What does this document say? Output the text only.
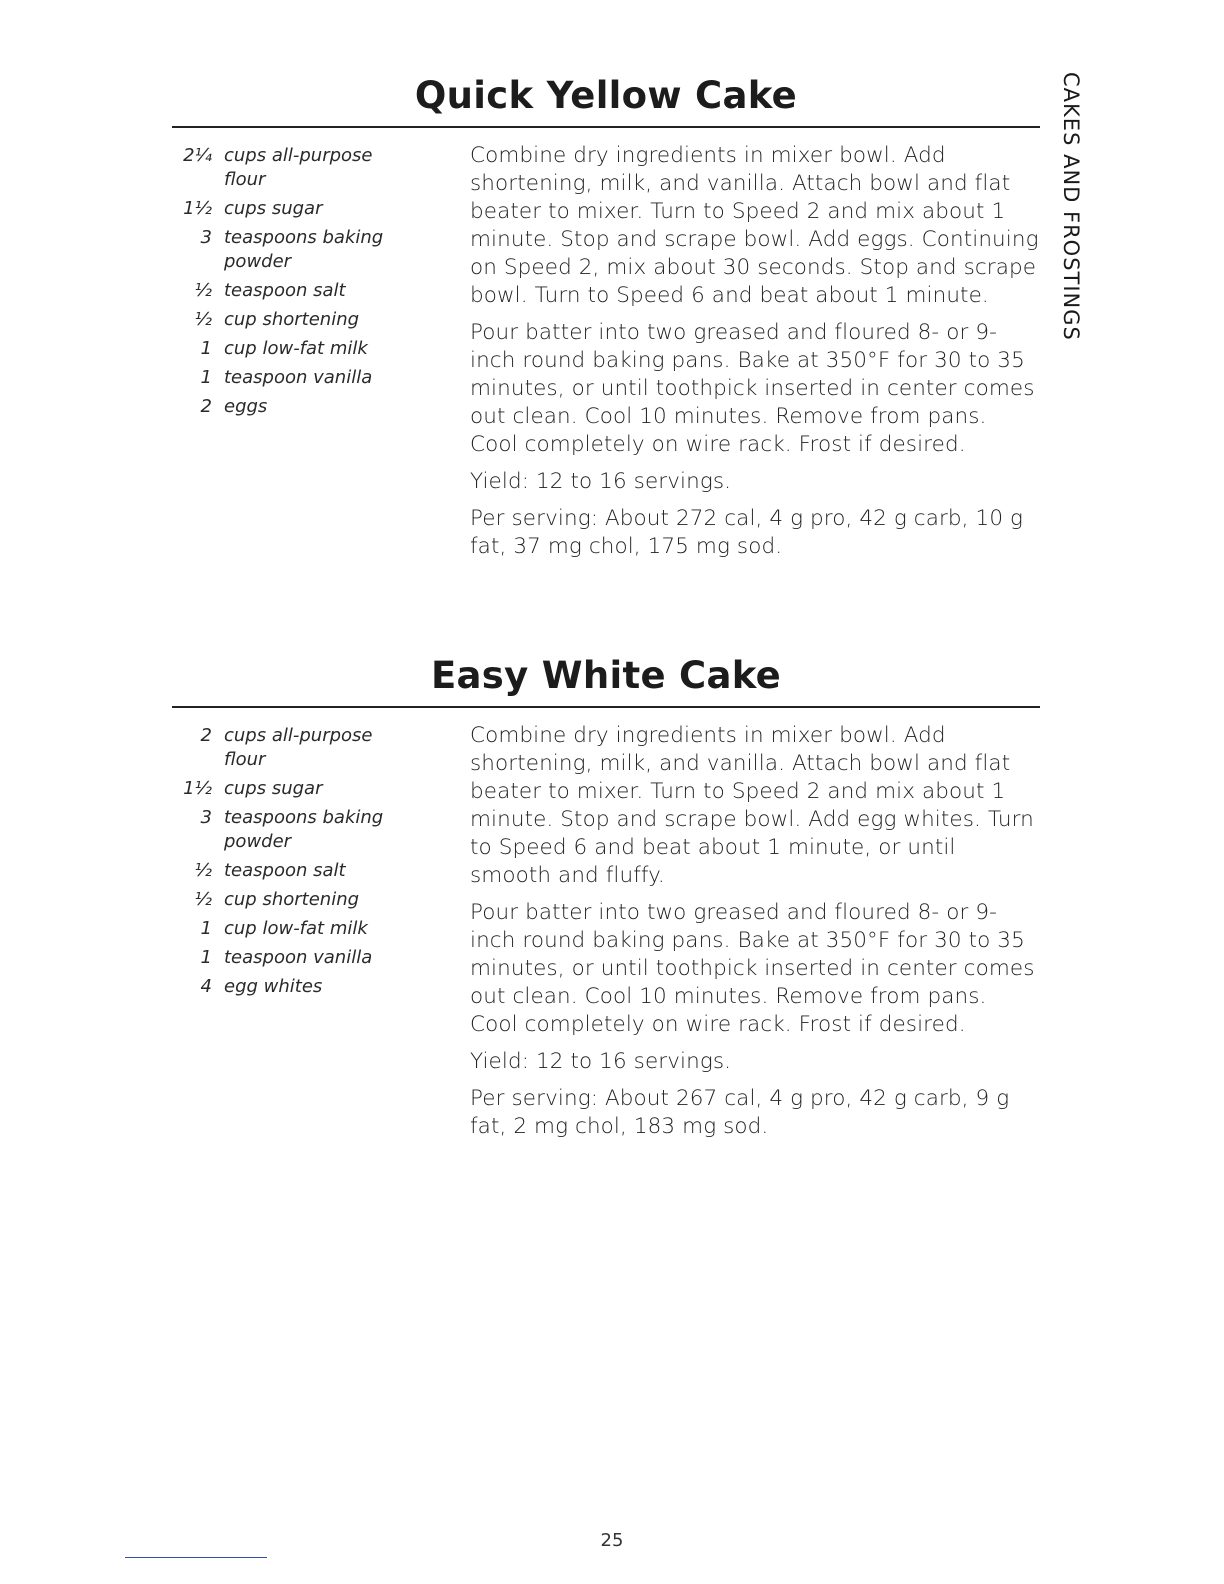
CAKES AND FROSTINGS
Quick Yellow Cake
2¼ cups all-purpose flour
1½ cups sugar
3 teaspoons baking powder
½ teaspoon salt
½ cup shortening
1 cup low-fat milk
1 teaspoon vanilla
2 eggs

Combine dry ingredients in mixer bowl. Add shortening, milk, and vanilla. Attach bowl and flat beater to mixer. Turn to Speed 2 and mix about 1 minute. Stop and scrape bowl. Add eggs. Continuing on Speed 2, mix about 30 seconds. Stop and scrape bowl. Turn to Speed 6 and beat about 1 minute.

Pour batter into two greased and floured 8- or 9-inch round baking pans. Bake at 350°F for 30 to 35 minutes, or until toothpick inserted in center comes out clean. Cool 10 minutes. Remove from pans. Cool completely on wire rack. Frost if desired.

Yield: 12 to 16 servings.

Per serving: About 272 cal, 4 g pro, 42 g carb, 10 g fat, 37 mg chol, 175 mg sod.

Easy White Cake
2 cups all-purpose flour
1½ cups sugar
3 teaspoons baking powder
½ teaspoon salt
½ cup shortening
1 cup low-fat milk
1 teaspoon vanilla
4 egg whites

Combine dry ingredients in mixer bowl. Add shortening, milk, and vanilla. Attach bowl and flat beater to mixer. Turn to Speed 2 and mix about 1 minute. Stop and scrape bowl. Add egg whites. Turn to Speed 6 and beat about 1 minute, or until smooth and fluffy.

Pour batter into two greased and floured 8- or 9-inch round baking pans. Bake at 350°F for 30 to 35 minutes, or until toothpick inserted in center comes out clean. Cool 10 minutes. Remove from pans. Cool completely on wire rack. Frost if desired.

Yield: 12 to 16 servings.

Per serving: About 267 cal, 4 g pro, 42 g carb, 9 g fat, 2 mg chol, 183 mg sod.

25
